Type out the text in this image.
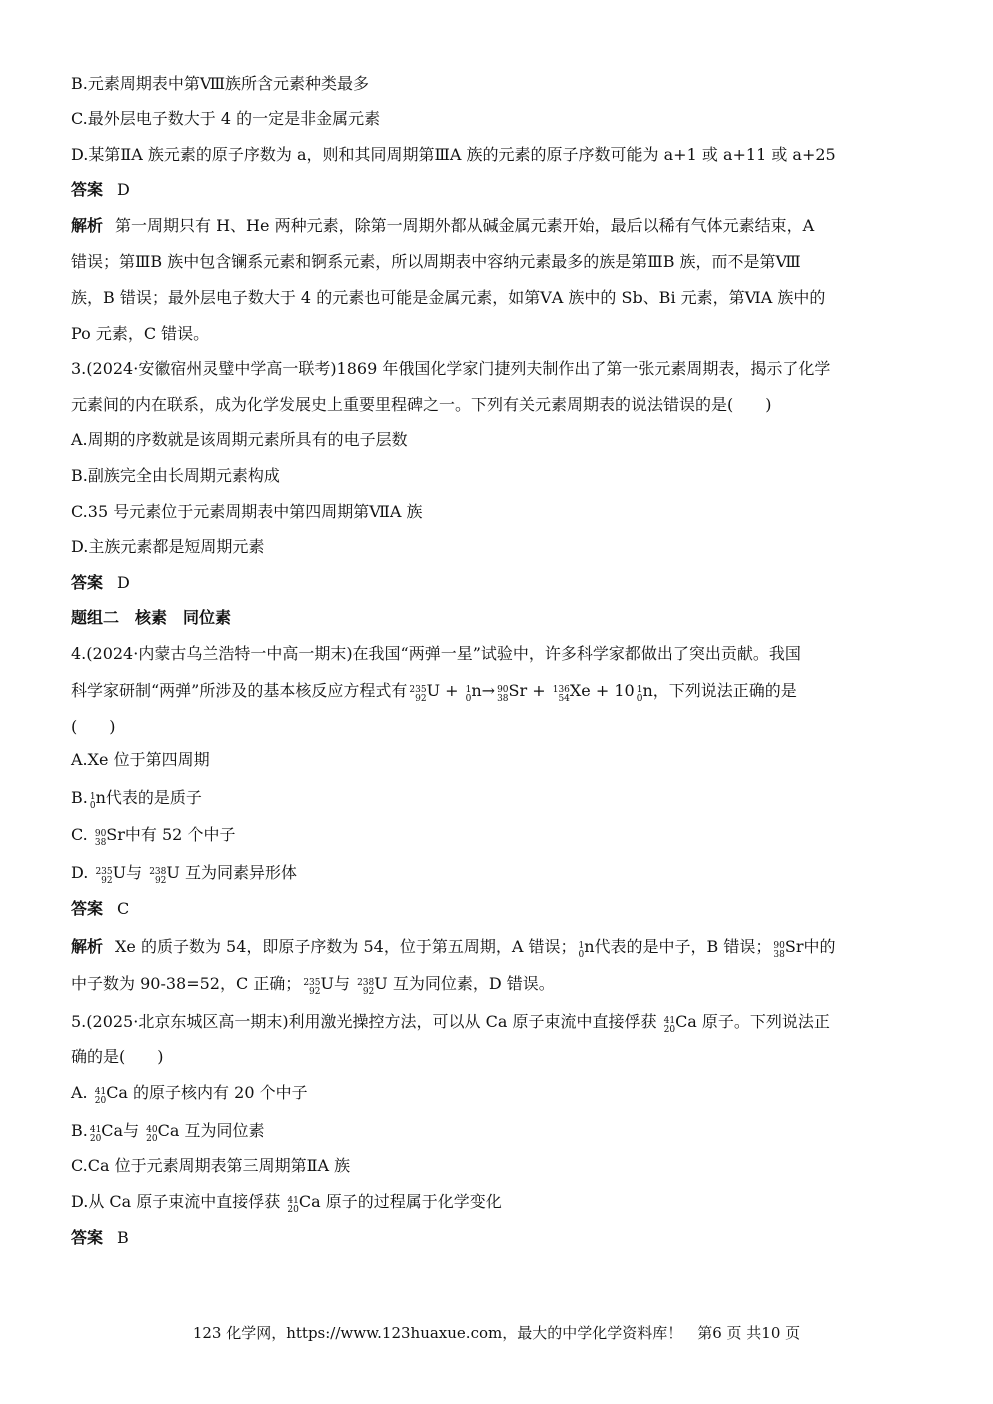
B.元素周期表中第Ⅷ族所含元素种类最多
C.最外层电子数大于 4 的一定是非金属元素
D.某第ⅡA 族元素的原子序数为 a，则和其同周期第ⅢA 族的元素的原子序数可能为 a+1 或 a+11 或 a+25
答案 D
解析 第一周期只有 H、He 两种元素，除第一周期外都从碱金属元素开始，最后以稀有气体元素结束，A
错误；第ⅢB 族中包含镧系元素和锕系元素，所以周期表中容纳元素最多的族是第ⅢB 族，而不是第Ⅷ
族，B 错误；最外层电子数大于 4 的元素也可能是金属元素，如第ⅤA 族中的 Sb、Bi 元素，第ⅥA 族中的
Po 元素，C 错误。
3.(2024·安徽宿州灵璧中学高一联考)1869 年俄国化学家门捷列夫制作出了第一张元素周期表，揭示了化学
元素间的内在联系，成为化学发展史上重要里程碑之一。下列有关元素周期表的说法错误的是(　　)
A.周期的序数就是该周期元素所具有的电子层数
B.副族完全由长周期元素构成
C.35 号元素位于元素周期表中第四周期第ⅦA 族
D.主族元素都是短周期元素
答案 D
题组二　核素　同位素
4.(2024·内蒙古乌兰浩特一中高一期末)在我国“两弹一星”试验中，许多科学家都做出了突出贡献。我国
科学家研制“两弹”所涉及的基本核反应方程式有 235
92 U + 1
0 n→ 90
38 Sr + 136
54 Xe + 10 1
0 n，下列说法正确的是
(　　)
A.Xe 位于第四周期
B. 1
0 n代表的是质子
C. 90
38 Sr中有 52 个中子
D. 235
92 U与 238
92 U 互为同素异形体
答案 C
解析 Xe 的质子数为 54，即原子序数为 54，位于第五周期，A 错误； 1
0 n代表的是中子，B 错误； 90
38 Sr中的
中子数为 90-38=52，C 正确； 235
92 U与 238
92 U 互为同位素，D 错误。
5.(2025·北京东城区高一期末)利用激光操控方法，可以从 Ca 原子束流中直接俘获 41
20 Ca 原子。下列说法正
确的是(　　)
A. 41
20 Ca 的原子核内有 20 个中子
B. 41
20 Ca与 40
20 Ca 互为同位素
C.Ca 位于元素周期表第三周期第ⅡA 族
D.从 Ca 原子束流中直接俘获 41
20 Ca 原子的过程属于化学变化
答案 B
123 化学网，https://www.123huaxue.com，最大的中学化学资料库！　第6 页 共10 页
